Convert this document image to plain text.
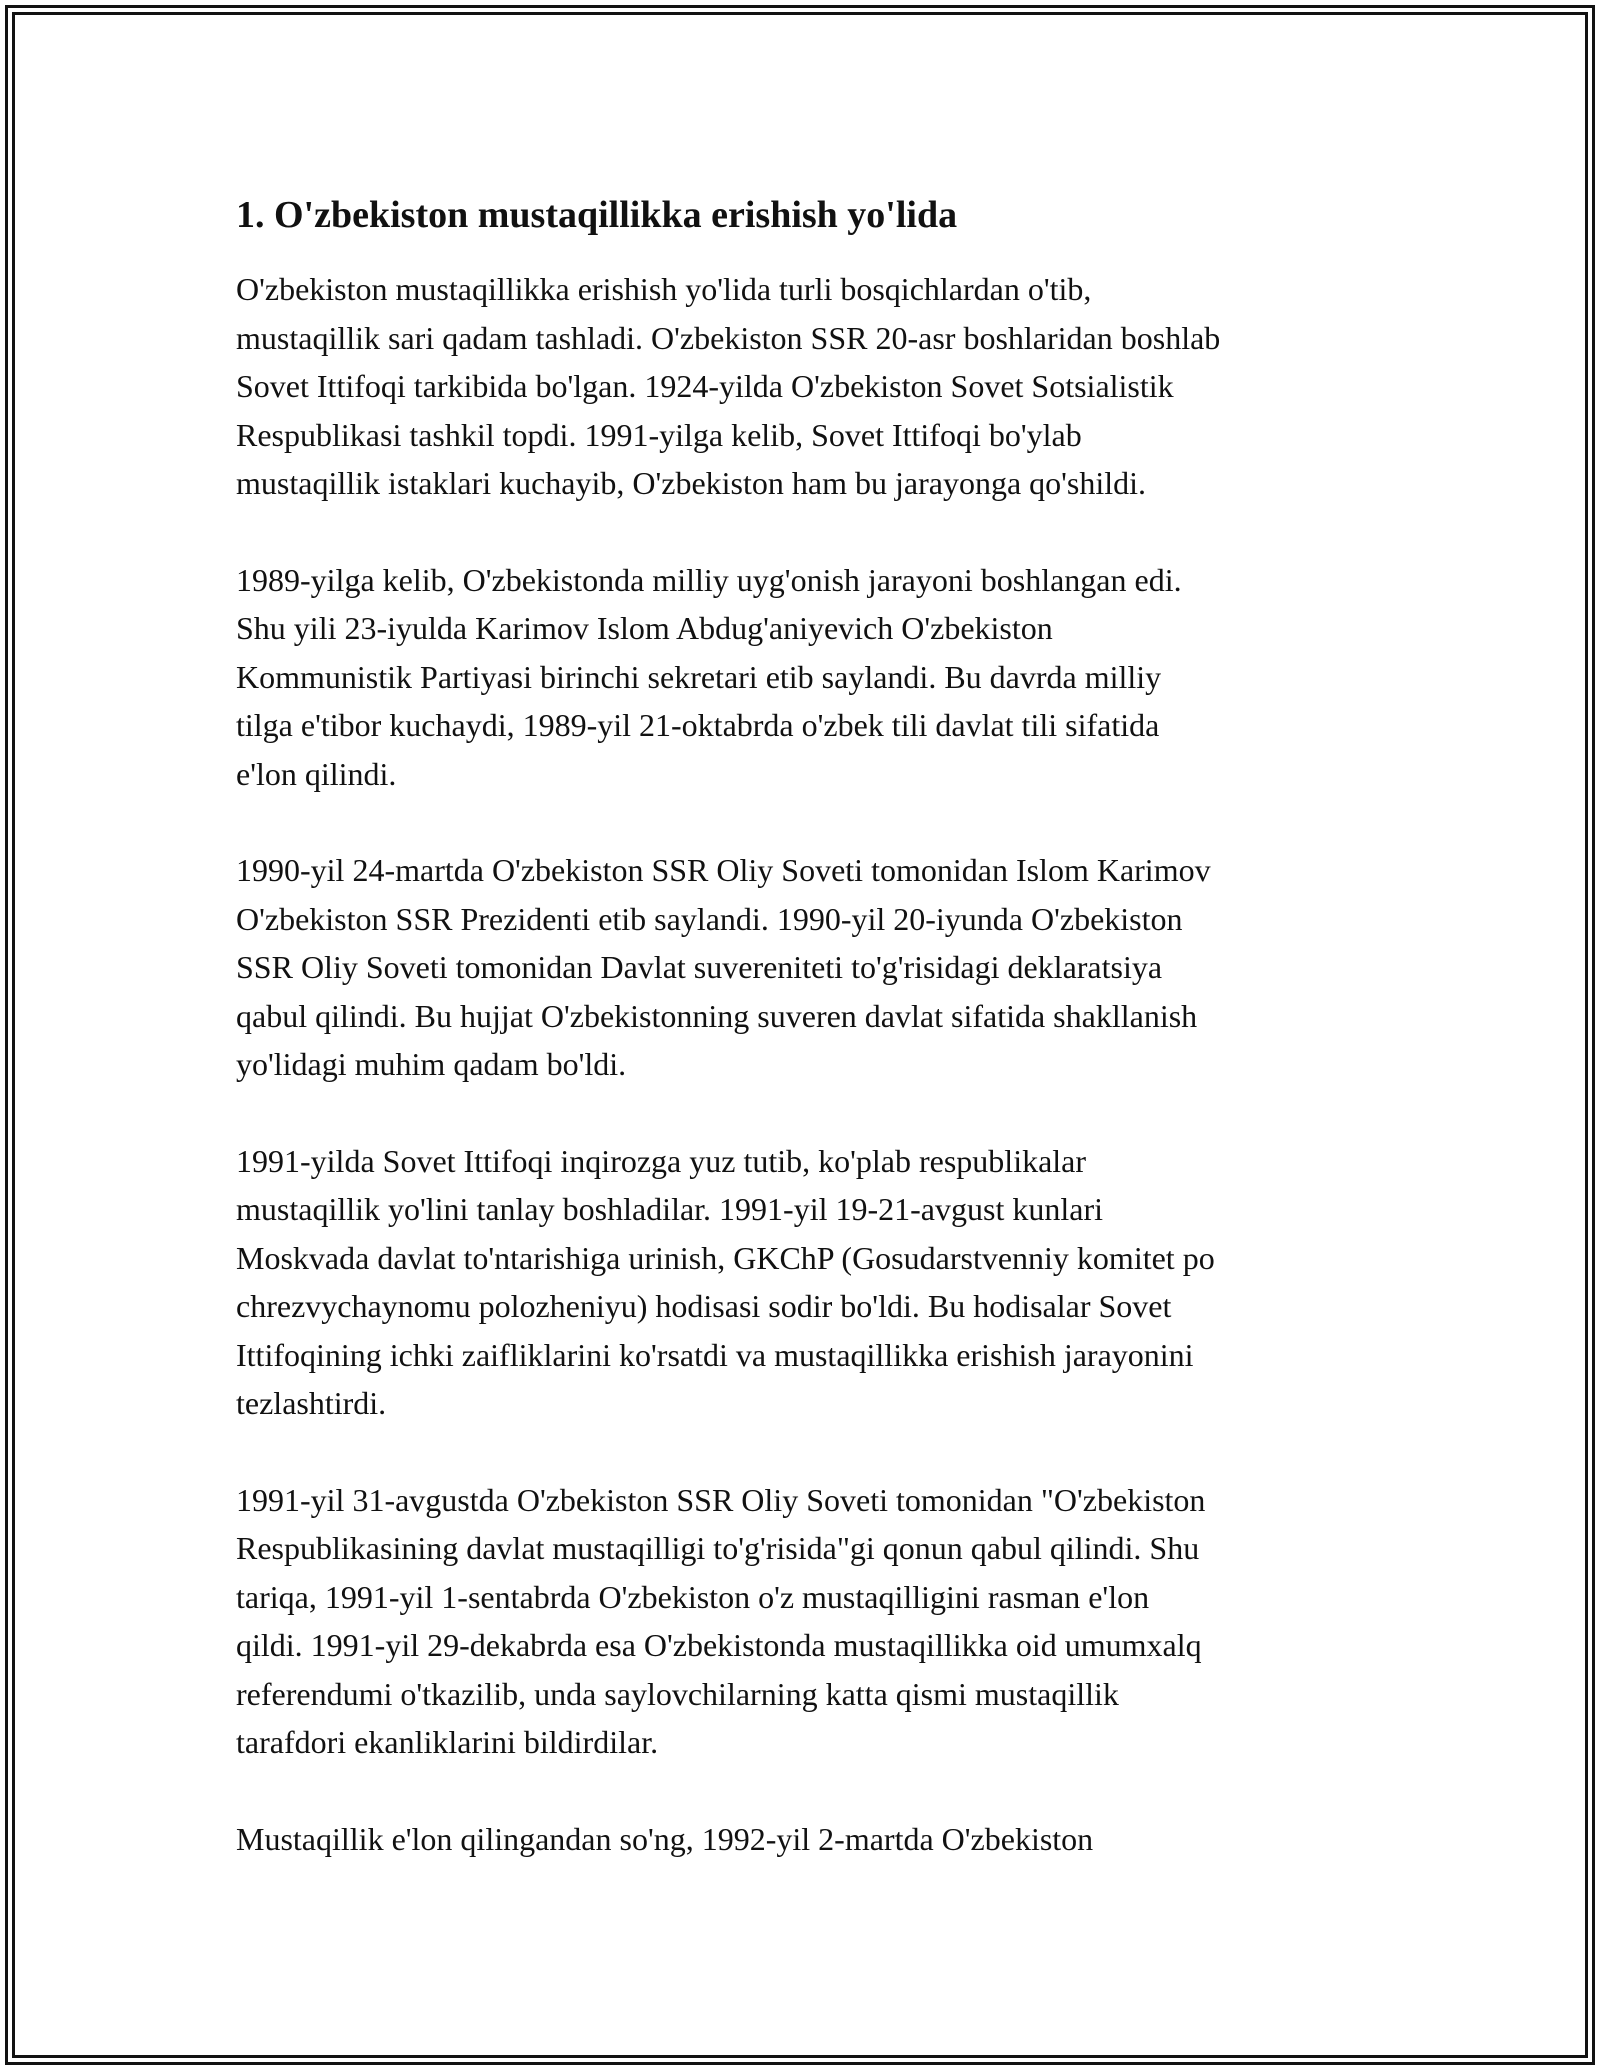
1. O'zbekiston mustaqillikka erishish yo'lida

O'zbekiston mustaqillikka erishish yo'lida turli bosqichlardan o'tib,
mustaqillik sari qadam tashladi. O'zbekiston SSR 20-asr boshlaridan boshlab
Sovet Ittifoqi tarkibida bo'lgan. 1924-yilda O'zbekiston Sovet Sotsialistik
Respublikasi tashkil topdi. 1991-yilga kelib, Sovet Ittifoqi bo'ylab
mustaqillik istaklari kuchayib, O'zbekiston ham bu jarayonga qo'shildi.

1989-yilga kelib, O'zbekistonda milliy uyg'onish jarayoni boshlangan edi.
Shu yili 23-iyulda Karimov Islom Abdug'aniyevich O'zbekiston
Kommunistik Partiyasi birinchi sekretari etib saylandi. Bu davrda milliy
tilga e'tibor kuchaydi, 1989-yil 21-oktabrda o'zbek tili davlat tili sifatida
e'lon qilindi.

1990-yil 24-martda O'zbekiston SSR Oliy Soveti tomonidan Islom Karimov
O'zbekiston SSR Prezidenti etib saylandi. 1990-yil 20-iyunda O'zbekiston
SSR Oliy Soveti tomonidan Davlat suvereniteti to'g'risidagi deklaratsiya
qabul qilindi. Bu hujjat O'zbekistonning suveren davlat sifatida shakllanish
yo'lidagi muhim qadam bo'ldi.

1991-yilda Sovet Ittifoqi inqirozga yuz tutib, ko'plab respublikalar
mustaqillik yo'lini tanlay boshladilar. 1991-yil 19-21-avgust kunlari
Moskvada davlat to'ntarishiga urinish, GKChP (Gosudarstvenniy komitet po
chrezvychaynomu polozheniyu) hodisasi sodir bo'ldi. Bu hodisalar Sovet
Ittifoqining ichki zaifliklarini ko'rsatdi va mustaqillikka erishish jarayonini
tezlashtirdi.

1991-yil 31-avgustda O'zbekiston SSR Oliy Soveti tomonidan "O'zbekiston
Respublikasining davlat mustaqilligi to'g'risida"gi qonun qabul qilindi. Shu
tariqa, 1991-yil 1-sentabrda O'zbekiston o'z mustaqilligini rasman e'lon
qildi. 1991-yil 29-dekabrda esa O'zbekistonda mustaqillikka oid umumxalq
referendumi o'tkazilib, unda saylovchilarning katta qismi mustaqillik
tarafdori ekanliklarini bildirdilar.

Mustaqillik e'lon qilingandan so'ng, 1992-yil 2-martda O'zbekiston
